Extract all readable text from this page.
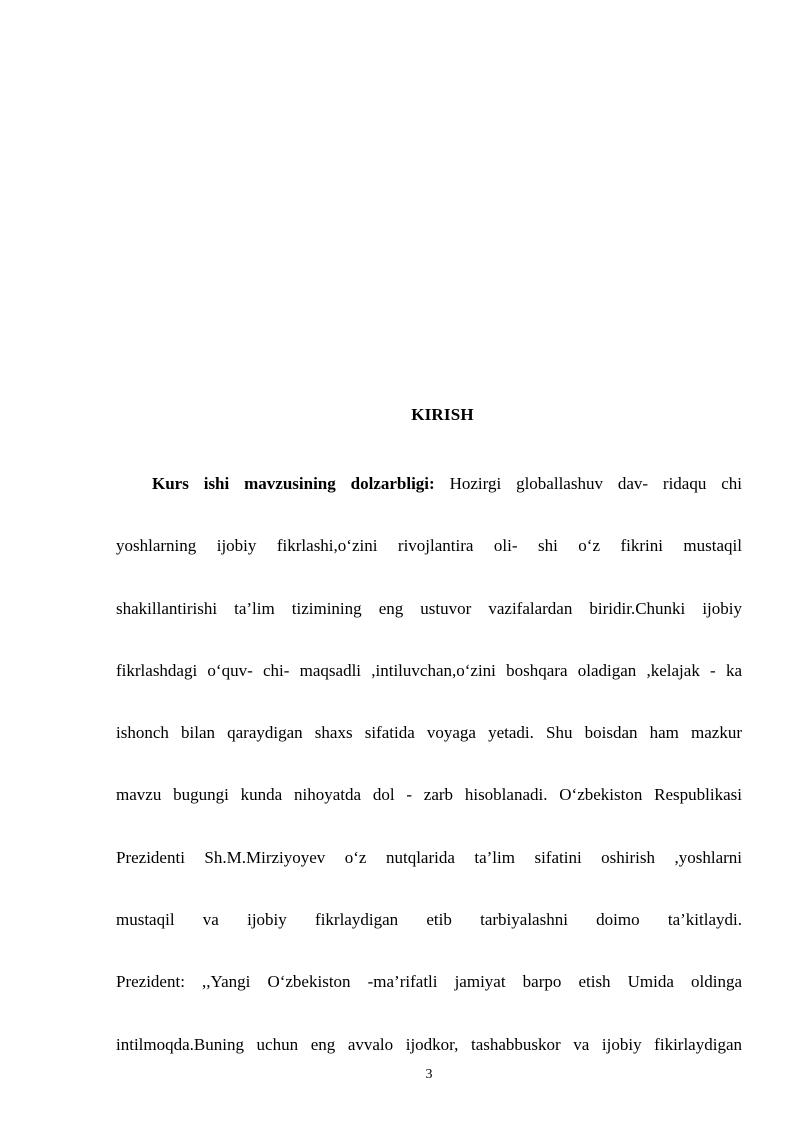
KIRISH
Kurs ishi mavzusining dolzarbligi: Hozirgi globallashuv dav- ridaqu chi
yoshlarning ijobiy fikrlashi,o‘zini rivojlantira oli- shi o‘z fikrini mustaqil
shakillantirishi ta’lim tizimining eng ustuvor vazifalardan biridir.Chunki ijobiy
fikrlashdagi o‘quv- chi- maqsadli ,intiluvchan,o‘zini boshqara oladigan ,kelajak - ka
ishonch bilan qaraydigan shaxs sifatida voyaga yetadi. Shu boisdan ham mazkur
mavzu bugungi kunda nihoyatda dol - zarb hisoblanadi. O‘zbekiston Respublikasi
Prezidenti Sh.M.Mirziyoyev o‘z nutqlarida ta’lim sifatini oshirish ,yoshlarni
mustaqil va ijobiy fikrlaydigan etib tarbiyalashni doimo ta’kitlaydi.
Prezident: ,,Yangi O‘zbekiston -ma’rifatli jamiyat barpo etish Umida oldinga
intilmoqda.Buning uchun eng avvalo ijodkor, tashabbuskor va ijobiy fikirlaydigan
3
